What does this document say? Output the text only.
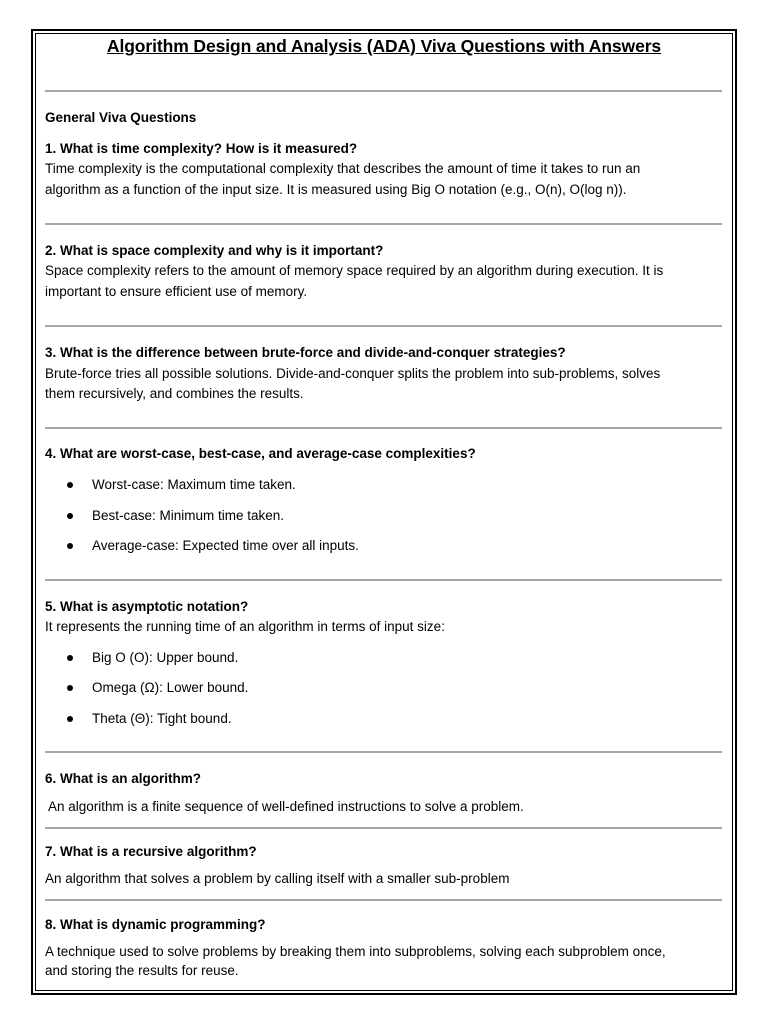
Algorithm Design and Analysis (ADA) Viva Questions with Answers
General Viva Questions
1. What is time complexity? How is it measured?
Time complexity is the computational complexity that describes the amount of time it takes to run an
algorithm as a function of the input size. It is measured using Big O notation (e.g., O(n), O(log n)).
2. What is space complexity and why is it important?
Space complexity refers to the amount of memory space required by an algorithm during execution. It is
important to ensure efficient use of memory.
3. What is the difference between brute-force and divide-and-conquer strategies?
Brute-force tries all possible solutions. Divide-and-conquer splits the problem into sub-problems, solves
them recursively, and combines the results.
4. What are worst-case, best-case, and average-case complexities?
Worst-case: Maximum time taken.
Best-case: Minimum time taken.
Average-case: Expected time over all inputs.
5. What is asymptotic notation?
It represents the running time of an algorithm in terms of input size:
Big O (O): Upper bound.
Omega (Ω): Lower bound.
Theta (Θ): Tight bound.
6. What is an algorithm?
An algorithm is a finite sequence of well-defined instructions to solve a problem.
7. What is a recursive algorithm?
An algorithm that solves a problem by calling itself with a smaller sub-problem
8. What is dynamic programming?
A technique used to solve problems by breaking them into subproblems, solving each subproblem once,
and storing the results for reuse.
